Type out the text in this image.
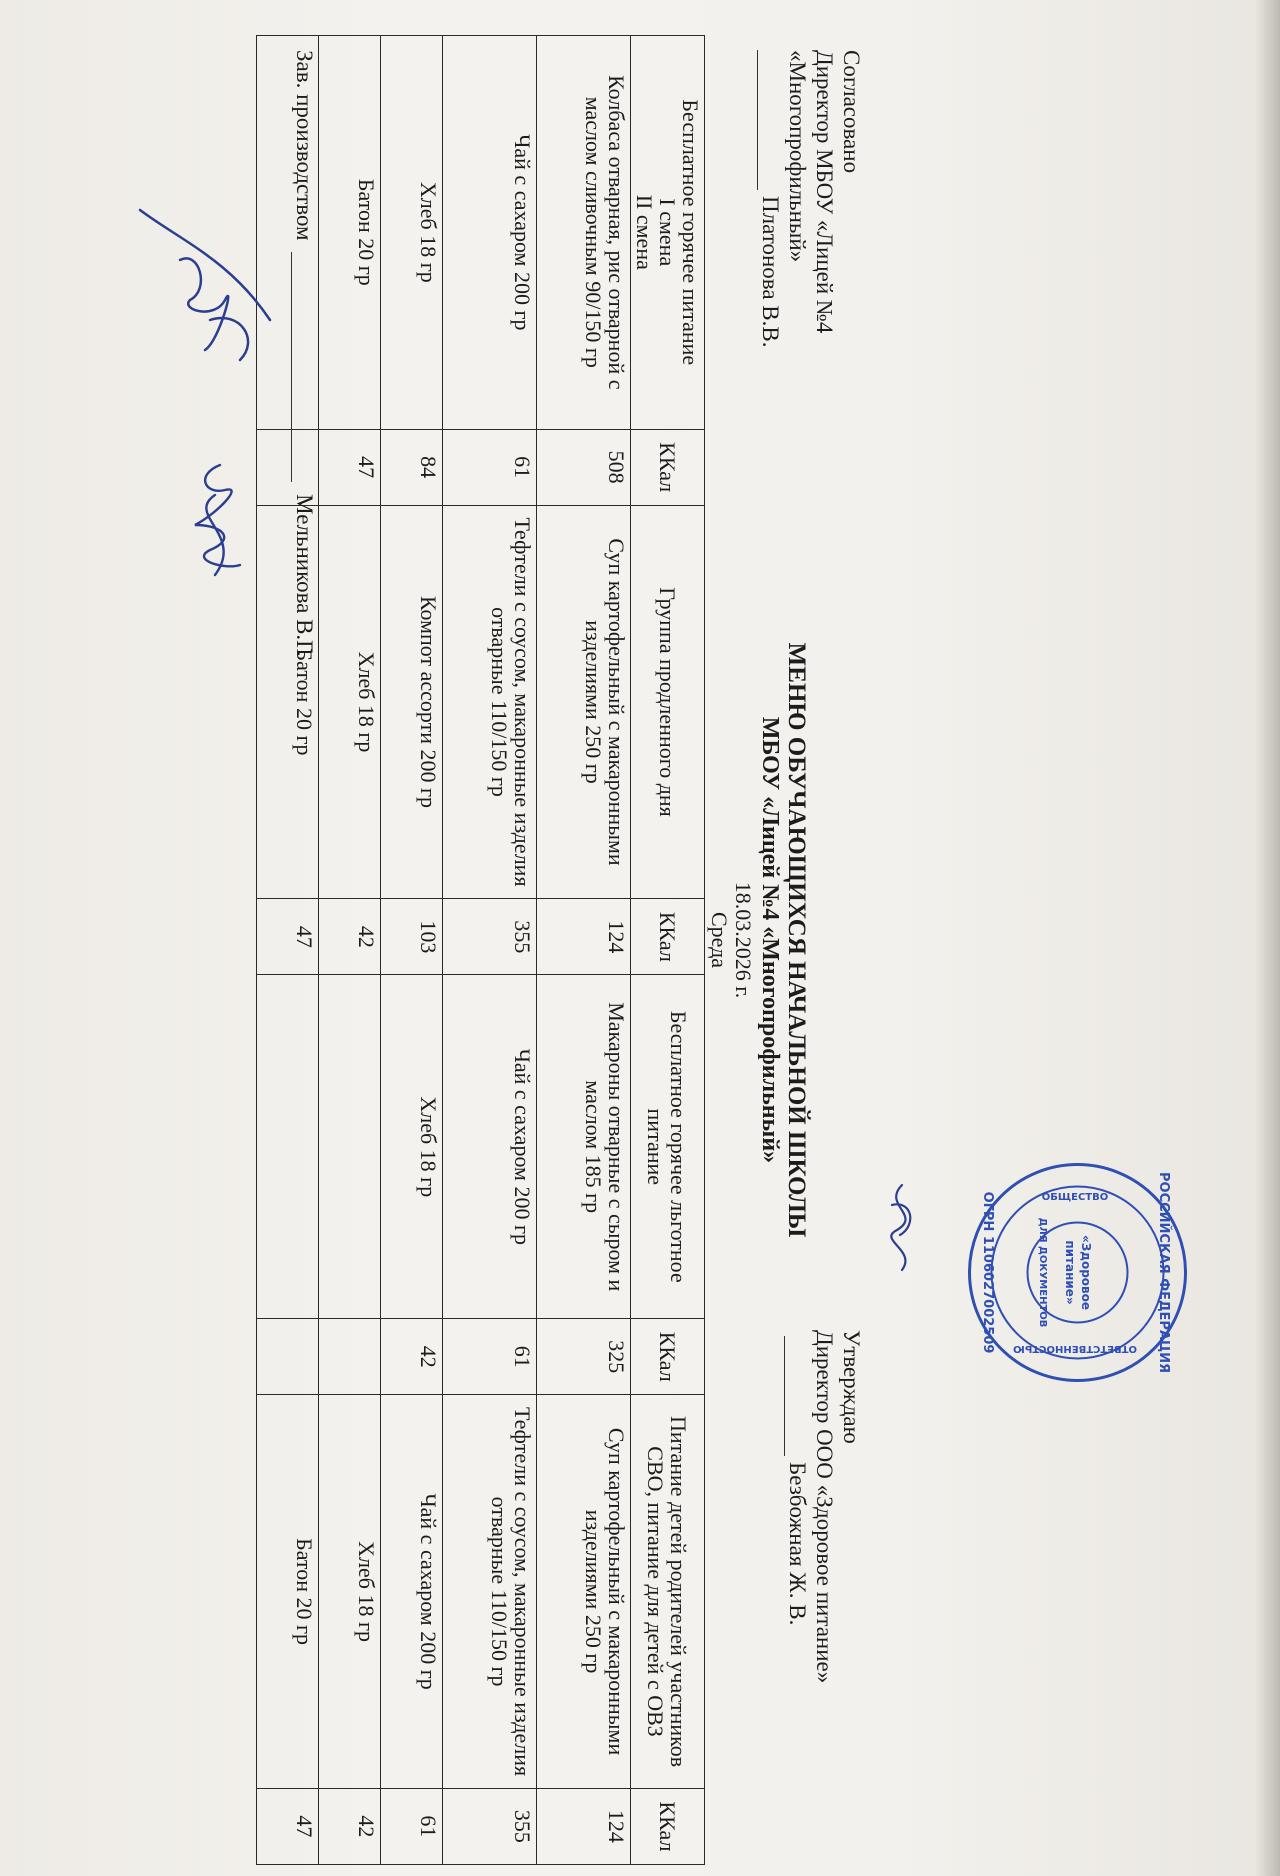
Согласовано
Директор МБОУ «Лицей №4
«Многопрофильный»
Платонова В.В.
МЕНЮ ОБУЧАЮЩИХСЯ НАЧАЛЬНОЙ ШКОЛЫ
МБОУ «Лицей №4 «Многопрофильный»
18.03.2026 г.
Среда
Утверждаю
Директор ООО «Здоровое питание»
Безбожная Ж. В.
Бесплатное горячее питание
I смена
II смена	ККал	Группа продленного дня	ККал	Бесплатное горячее льготное питание	ККал	Питание детей родителей участников СВО, питание для детей с ОВЗ	ККал
Колбаса отварная, рис отварной с маслом сливочным 90/150 гр	508	Суп картофельный с макаронными изделиями 250 гр	124	Макароны отварные с сыром и маслом 185 гр	325	Суп картофельный с макаронными изделиями 250 гр	124
Чай с сахаром 200 гр	61	Тефтели с соусом, макаронные изделия отварные 110/150 гр	355	Чай с сахаром 200 гр	61	Тефтели с соусом, макаронные изделия отварные 110/150 гр	355
Хлеб 18 гр	84	Компот ассорти 200 гр	103	Хлеб 18 гр	42	Чай с сахаром 200 гр	61
Батон 20 гр	47	Хлеб 18 гр	42			Хлеб 18 гр	42
		Батон 20 гр	47			Батон 20 гр	47
Зав. производством  Мельникова В.Г.
РОССИЙСКАЯ ФЕДЕРАЦИЯ
ОГРН 1106027002509	«Здоровое
питание»
ДЛЯ ДОКУМЕНТОВ
ОБЩЕСТВО
ОТВЕТСТВЕННОСТЬЮ
